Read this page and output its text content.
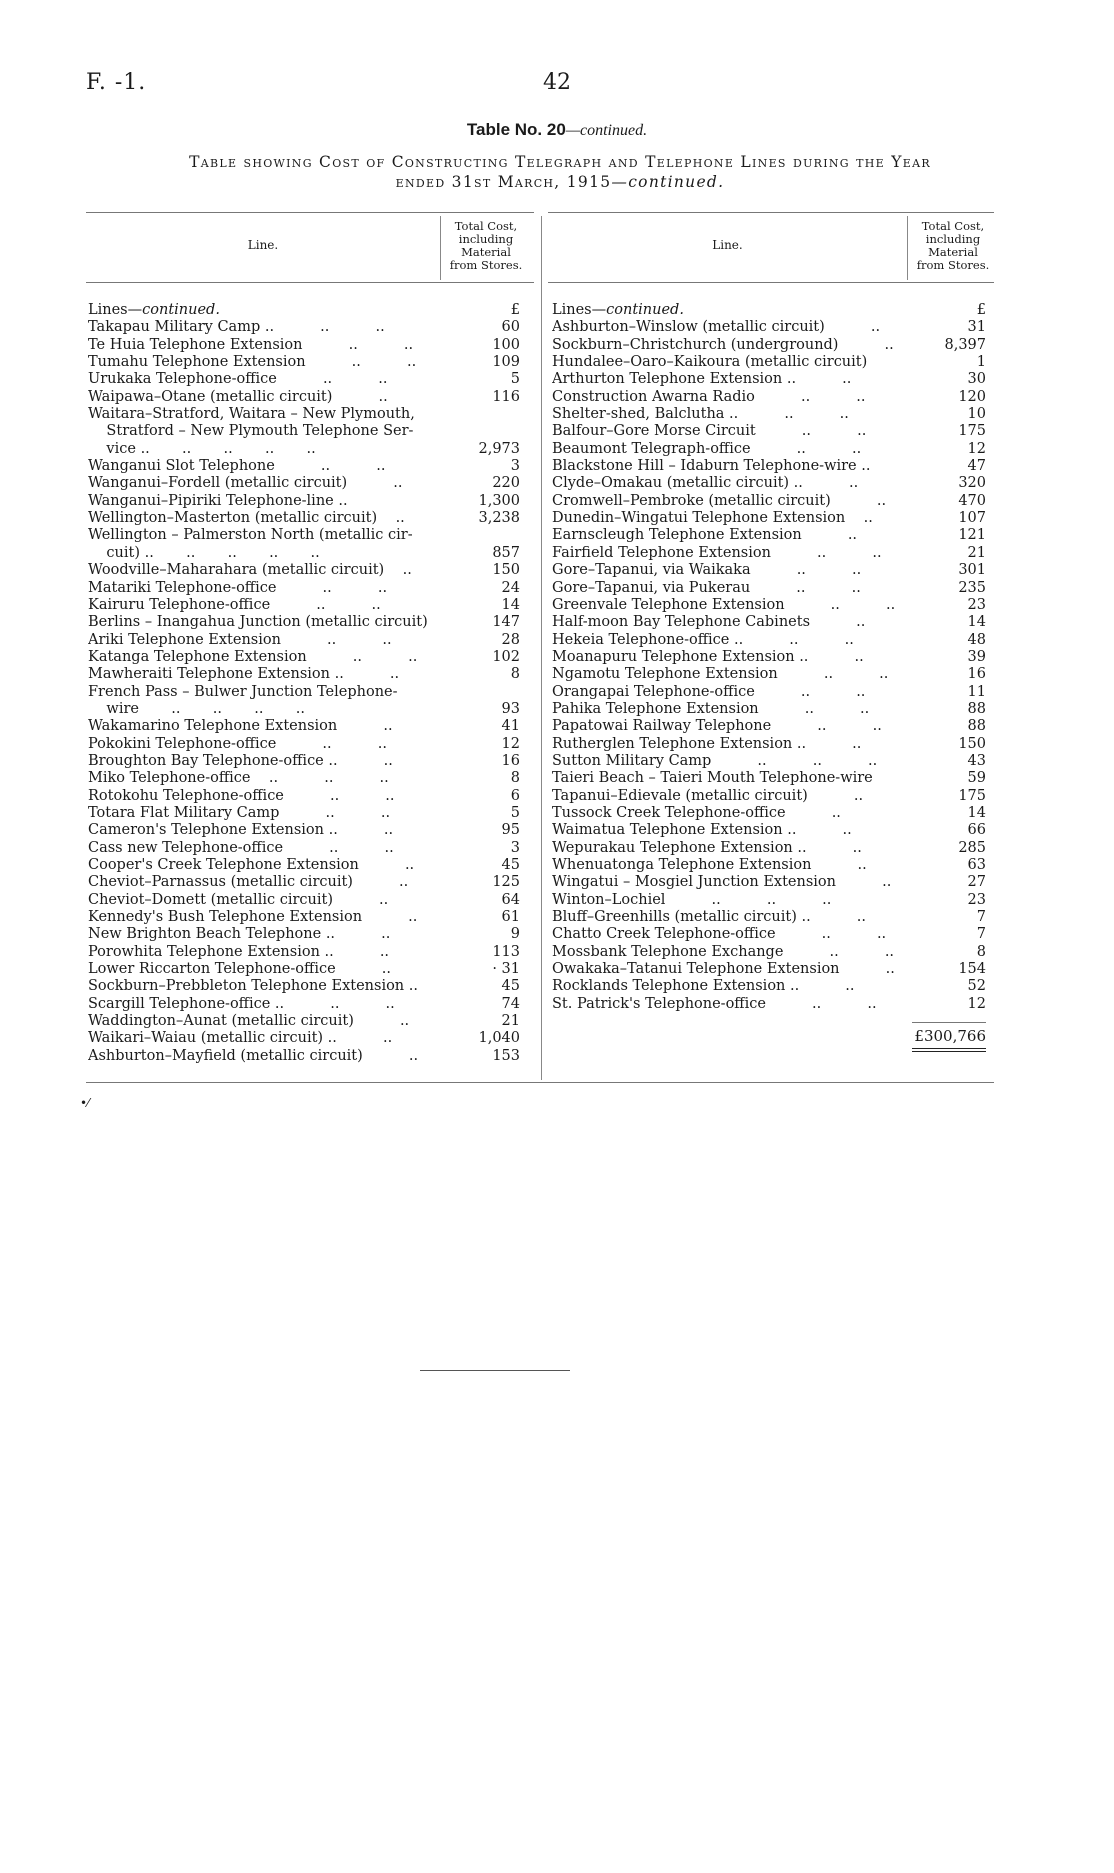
F. -1.	42
Table No. 20—continued.
Table showing Cost of Constructing Telegraph and Telephone Lines during the Year
ended 31st March, 1915—continued.
Line.
Total Cost,
including
Material
from Stores.
Line.
Total Cost,
including
Material
from Stores.
Lines—continued.	£
Takapau Military Camp ..          ..          ..	60
Te Huia Telephone Extension          ..          ..	100
Tumahu Telephone Extension          ..          ..	109
Urukaka Telephone-office          ..          ..	5
Waipawa–Otane (metallic circuit)          ..	116
Waitara–Stratford, Waitara – New Plymouth,
Stratford – New Plymouth Telephone Ser-
vice ..       ..       ..       ..       ..	2,973
Wanganui Slot Telephone          ..          ..	3
Wanganui–Fordell (metallic circuit)          ..	220
Wanganui–Pipiriki Telephone-line ..	1,300
Wellington–Masterton (metallic circuit)    ..	3,238
Wellington – Palmerston North (metallic cir-
cuit) ..       ..       ..       ..       ..	857
Woodville–Maharahara (metallic circuit)    ..	150
Matariki Telephone-office          ..          ..	24
Kairuru Telephone-office          ..          ..	14
Berlins – Inangahua Junction (metallic circuit)	147
Ariki Telephone Extension          ..          ..	28
Katanga Telephone Extension          ..          ..	102
Mawheraiti Telephone Extension ..          ..	8
French Pass – Bulwer Junction Telephone-
wire       ..       ..       ..       ..	93
Wakamarino Telephone Extension          ..	41
Pokokini Telephone-office          ..          ..	12
Broughton Bay Telephone-office ..          ..	16
Miko Telephone-office    ..          ..          ..	8
Rotokohu Telephone-office          ..          ..	6
Totara Flat Military Camp          ..          ..	5
Cameron's Telephone Extension ..          ..	95
Cass new Telephone-office          ..          ..	3
Cooper's Creek Telephone Extension          ..	45
Cheviot–Parnassus (metallic circuit)          ..	125
Cheviot–Domett (metallic circuit)          ..	64
Kennedy's Bush Telephone Extension          ..	61
New Brighton Beach Telephone ..          ..	9
Porowhita Telephone Extension ..          ..	113
Lower Riccarton Telephone-office          ..	· 31
Sockburn–Prebbleton Telephone Extension ..	45
Scargill Telephone-office ..          ..          ..	74
Waddington–Aunat (metallic circuit)          ..	21
Waikari–Waiau (metallic circuit) ..          ..	1,040
Ashburton–Mayfield (metallic circuit)          ..	153
Lines—continued.	£
Ashburton–Winslow (metallic circuit)          ..	31
Sockburn–Christchurch (underground)          ..	8,397
Hundalee–Oaro–Kaikoura (metallic circuit)	1
Arthurton Telephone Extension ..          ..	30
Construction Awarna Radio          ..          ..	120
Shelter-shed, Balclutha ..          ..          ..	10
Balfour–Gore Morse Circuit          ..          ..	175
Beaumont Telegraph-office          ..          ..	12
Blackstone Hill – Idaburn Telephone-wire ..	47
Clyde–Omakau (metallic circuit) ..          ..	320
Cromwell–Pembroke (metallic circuit)          ..	470
Dunedin–Wingatui Telephone Extension    ..	107
Earnscleugh Telephone Extension          ..	121
Fairfield Telephone Extension          ..          ..	21
Gore–Tapanui, via Waikaka          ..          ..	301
Gore–Tapanui, via Pukerau          ..          ..	235
Greenvale Telephone Extension          ..          ..	23
Half-moon Bay Telephone Cabinets          ..	14
Hekeia Telephone-office ..          ..          ..	48
Moanapuru Telephone Extension ..          ..	39
Ngamotu Telephone Extension          ..          ..	16
Orangapai Telephone-office          ..          ..	11
Pahika Telephone Extension          ..          ..	88
Papatowai Railway Telephone          ..          ..	88
Rutherglen Telephone Extension ..          ..	150
Sutton Military Camp          ..          ..          ..	43
Taieri Beach – Taieri Mouth Telephone-wire	59
Tapanui–Edievale (metallic circuit)          ..	175
Tussock Creek Telephone-office          ..	14
Waimatua Telephone Extension ..          ..	66
Wepurakau Telephone Extension ..          ..	285
Whenuatonga Telephone Extension          ..	63
Wingatui – Mosgiel Junction Extension          ..	27
Winton–Lochiel          ..          ..          ..	23
Bluff–Greenhills (metallic circuit) ..          ..	7
Chatto Creek Telephone-office          ..          ..	7
Mossbank Telephone Exchange          ..          ..	8
Owakaka–Tatanui Telephone Extension          ..	154
Rocklands Telephone Extension ..          ..	52
St. Patrick's Telephone-office          ..          ..	12
£300,766
•⁄
